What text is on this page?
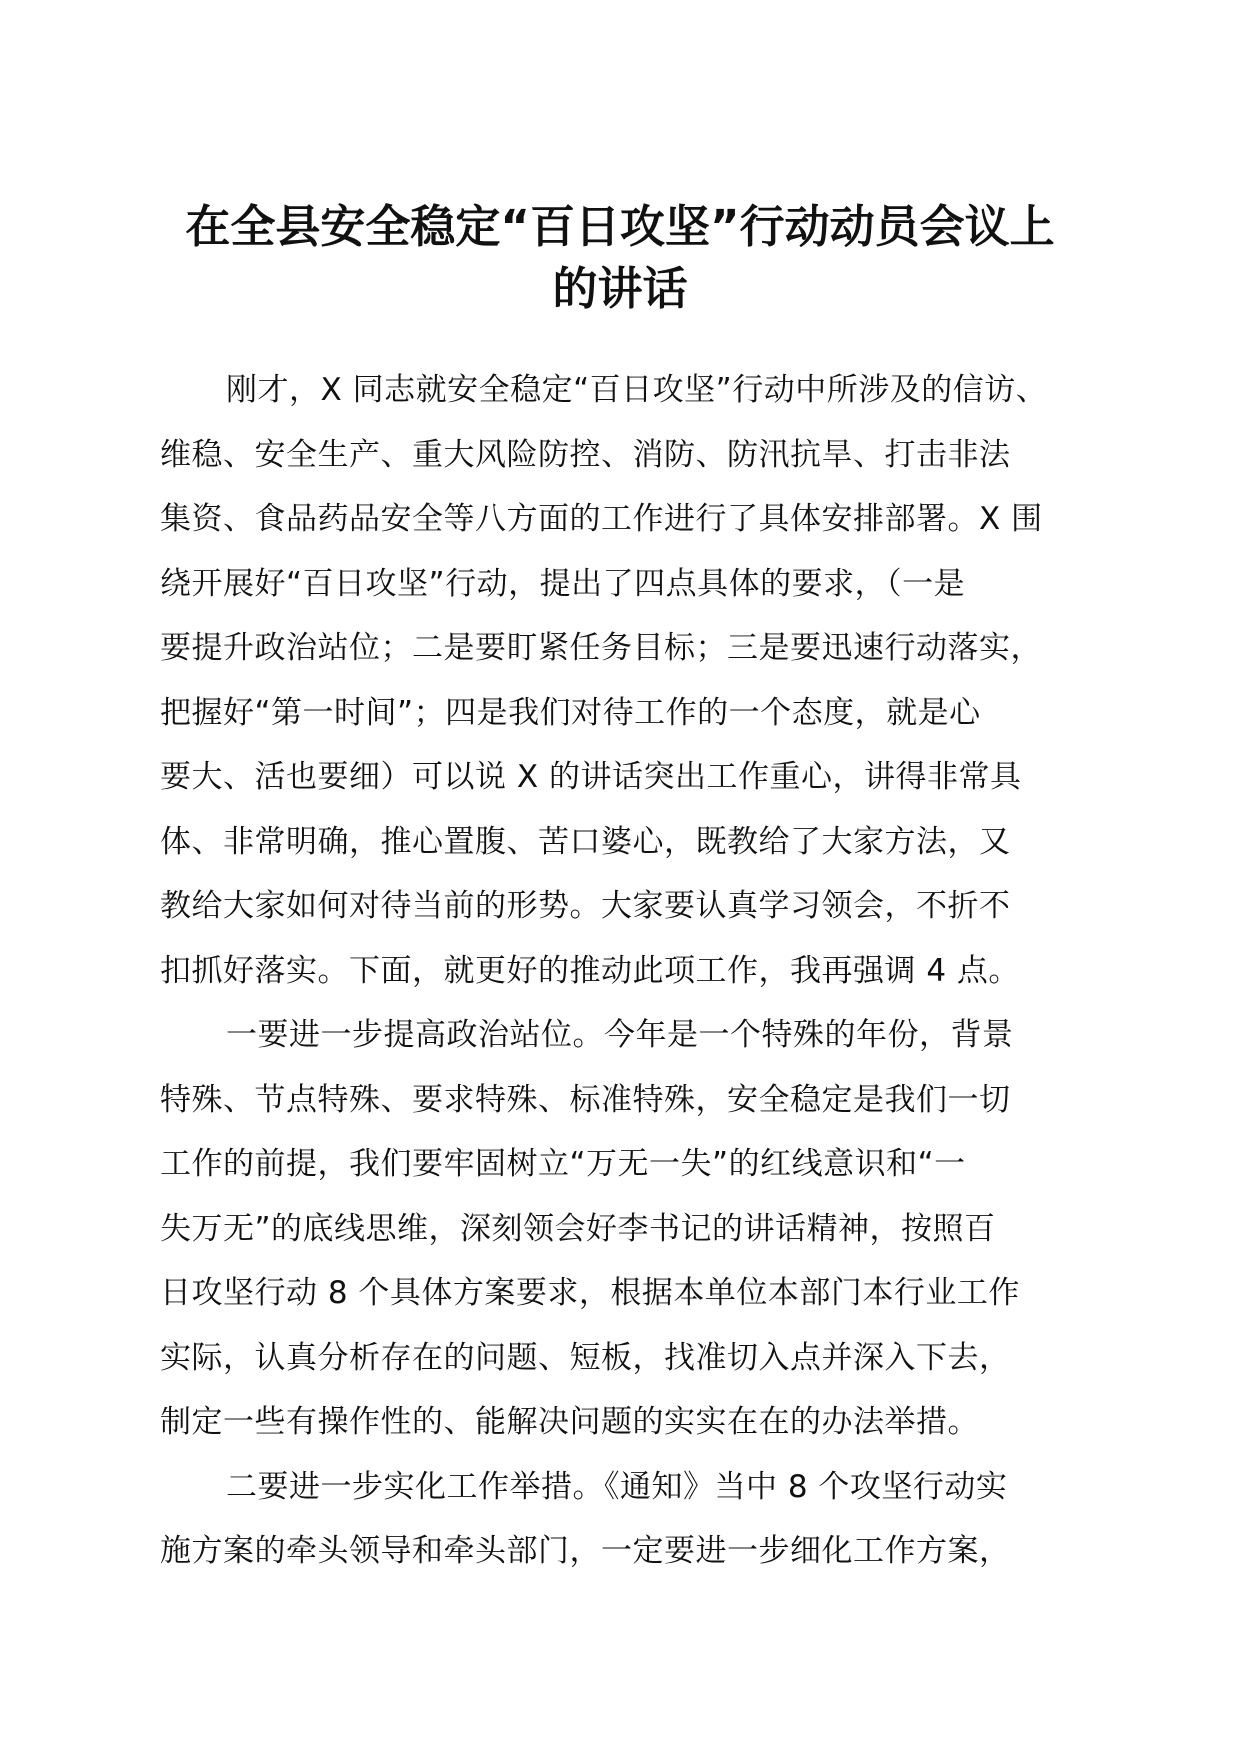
在全县安全稳定“百日攻坚”行动动员会议上
的讲话

刚才，X 同志就安全稳定“百日攻坚”行动中所涉及的信访、
维稳、安全生产、重大风险防控、消防、防汛抗旱、打击非法
集资、食品药品安全等八方面的工作进行了具体安排部署。X 围
绕开展好“百日攻坚”行动，提出了四点具体的要求，（一是
要提升政治站位；二是要盯紧任务目标；三是要迅速行动落实，
把握好“第一时间”；四是我们对待工作的一个态度，就是心
要大、活也要细）可以说 X 的讲话突出工作重心，讲得非常具
体、非常明确，推心置腹、苦口婆心，既教给了大家方法，又
教给大家如何对待当前的形势。大家要认真学习领会，不折不
扣抓好落实。下面，就更好的推动此项工作，我再强调 4 点。

一要进一步提高政治站位。今年是一个特殊的年份，背景
特殊、节点特殊、要求特殊、标准特殊，安全稳定是我们一切
工作的前提，我们要牢固树立“万无一失”的红线意识和“一
失万无”的底线思维，深刻领会好李书记的讲话精神，按照百
日攻坚行动 8 个具体方案要求，根据本单位本部门本行业工作
实际，认真分析存在的问题、短板，找准切入点并深入下去，
制定一些有操作性的、能解决问题的实实在在的办法举措。

二要进一步实化工作举措。《通知》当中 8 个攻坚行动实
施方案的牵头领导和牵头部门，一定要进一步细化工作方案，
